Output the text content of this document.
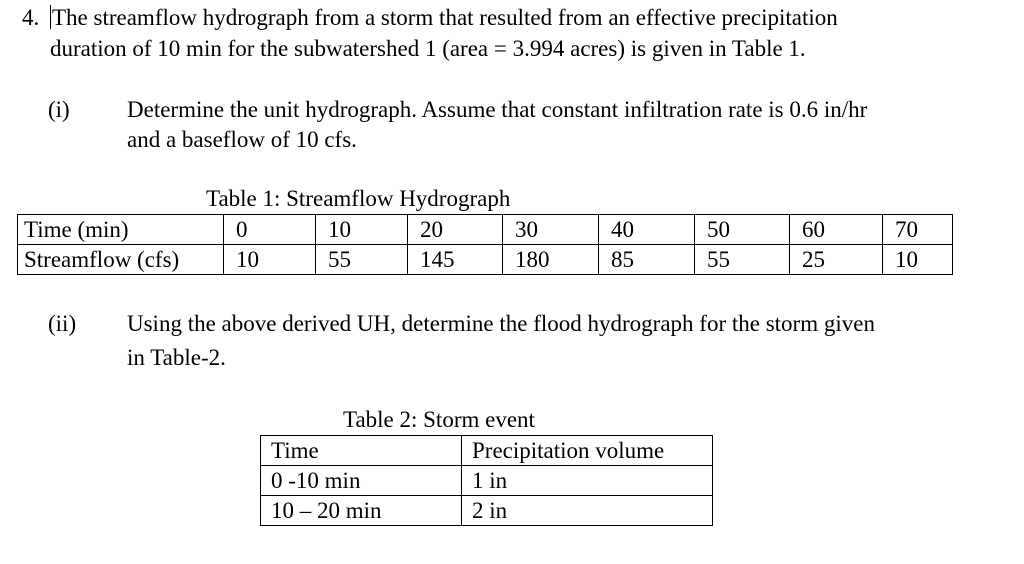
4. The streamflow hydrograph from a storm that resulted from an effective precipitation
duration of 10 min for the subwatershed 1 (area = 3.994 acres) is given in Table 1.
(i) Determine the unit hydrograph. Assume that constant infiltration rate is 0.6 in/hr
and a baseflow of 10 cfs.
Table 1: Streamflow Hydrograph
Time (min)	0	10	20	30	40	50	60	70
Streamflow (cfs)	10	55	145	180	85	55	25	10
(ii) Using the above derived UH, determine the flood hydrograph for the storm given
in Table-2.
Table 2: Storm event
Time	Precipitation volume
0 -10 min	1 in
10 – 20 min	2 in
